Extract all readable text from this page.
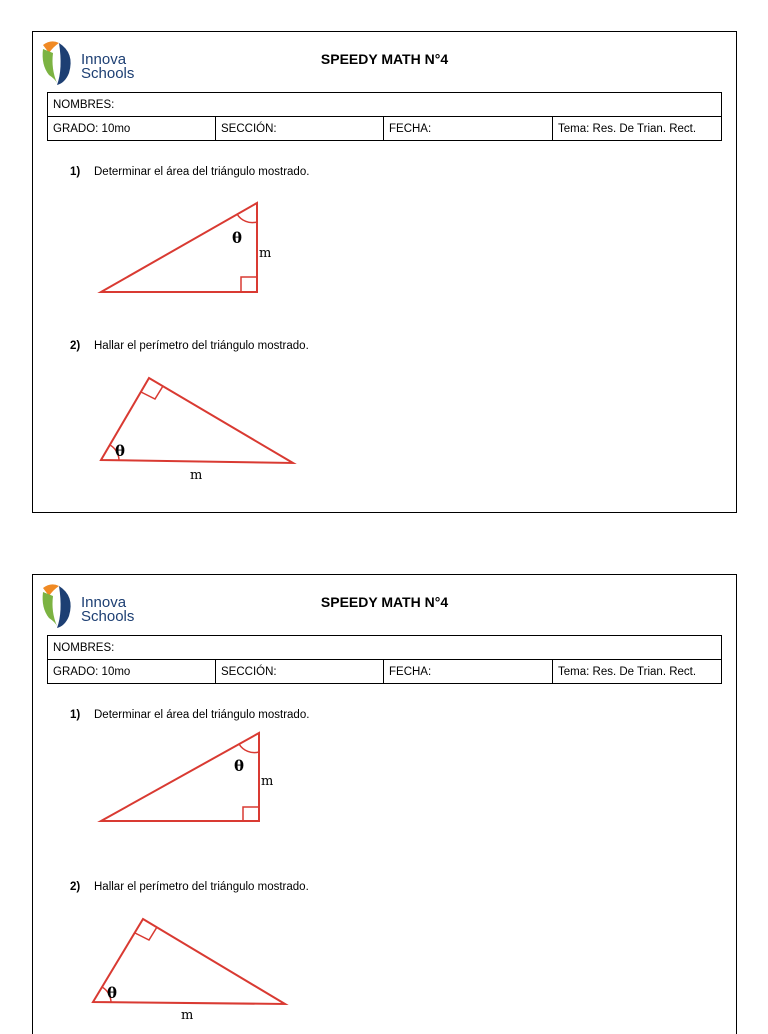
Innova
Schools
SPEEDY MATH N°4
NOMBRES:
GRADO: 10mo	SECCIÓN:	FECHA:	Tema: Res. De Trian. Rect.
1) Determinar el área del triángulo mostrado.
θ
m
2) Hallar el perímetro del triángulo mostrado.
θ
m
Innova
Schools
SPEEDY MATH N°4
NOMBRES:
GRADO: 10mo	SECCIÓN:	FECHA:	Tema: Res. De Trian. Rect.
1) Determinar el área del triángulo mostrado.
θ
m
2) Hallar el perímetro del triángulo mostrado.
θ
m
